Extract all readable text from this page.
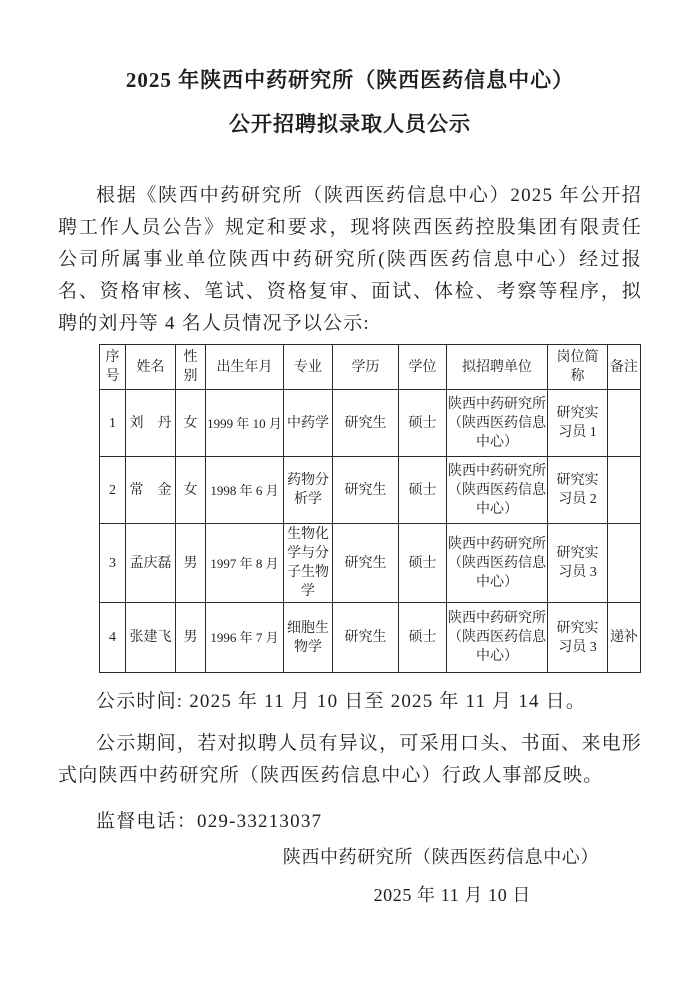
2025 年陕西中药研究所（陕西医药信息中心）
公开招聘拟录取人员公示

根据《陕西中药研究所（陕西医药信息中心）2025 年公开招聘工作人员公告》规定和要求，现将陕西医药控股集团有限责任公司所属事业单位陕西中药研究所(陕西医药信息中心）经过报名、资格审核、笔试、资格复审、面试、体检、考察等程序，拟聘的刘丹等 4 名人员情况予以公示:

序号	姓名	性别	出生年月	专业	学历	学位	拟招聘单位	岗位简称	备注
1	刘　丹	女	1999 年 10 月	中药学	研究生	硕士	陕西中药研究所（陕西医药信息中心）	研究实习员 1	
2	常　金	女	1998 年 6 月	药物分析学	研究生	硕士	陕西中药研究所（陕西医药信息中心）	研究实习员 2	
3	孟庆磊	男	1997 年 8 月	生物化学与分子生物学	研究生	硕士	陕西中药研究所（陕西医药信息中心）	研究实习员 3	
4	张建飞	男	1996 年 7 月	细胞生物学	研究生	硕士	陕西中药研究所（陕西医药信息中心）	研究实习员 3	递补

公示时间: 2025 年 11 月 10 日至 2025 年 11 月 14 日。

公示期间，若对拟聘人员有异议，可采用口头、书面、来电形式向陕西中药研究所（陕西医药信息中心）行政人事部反映。

监督电话：029-33213037

陕西中药研究所（陕西医药信息中心）

2025 年 11 月 10 日
